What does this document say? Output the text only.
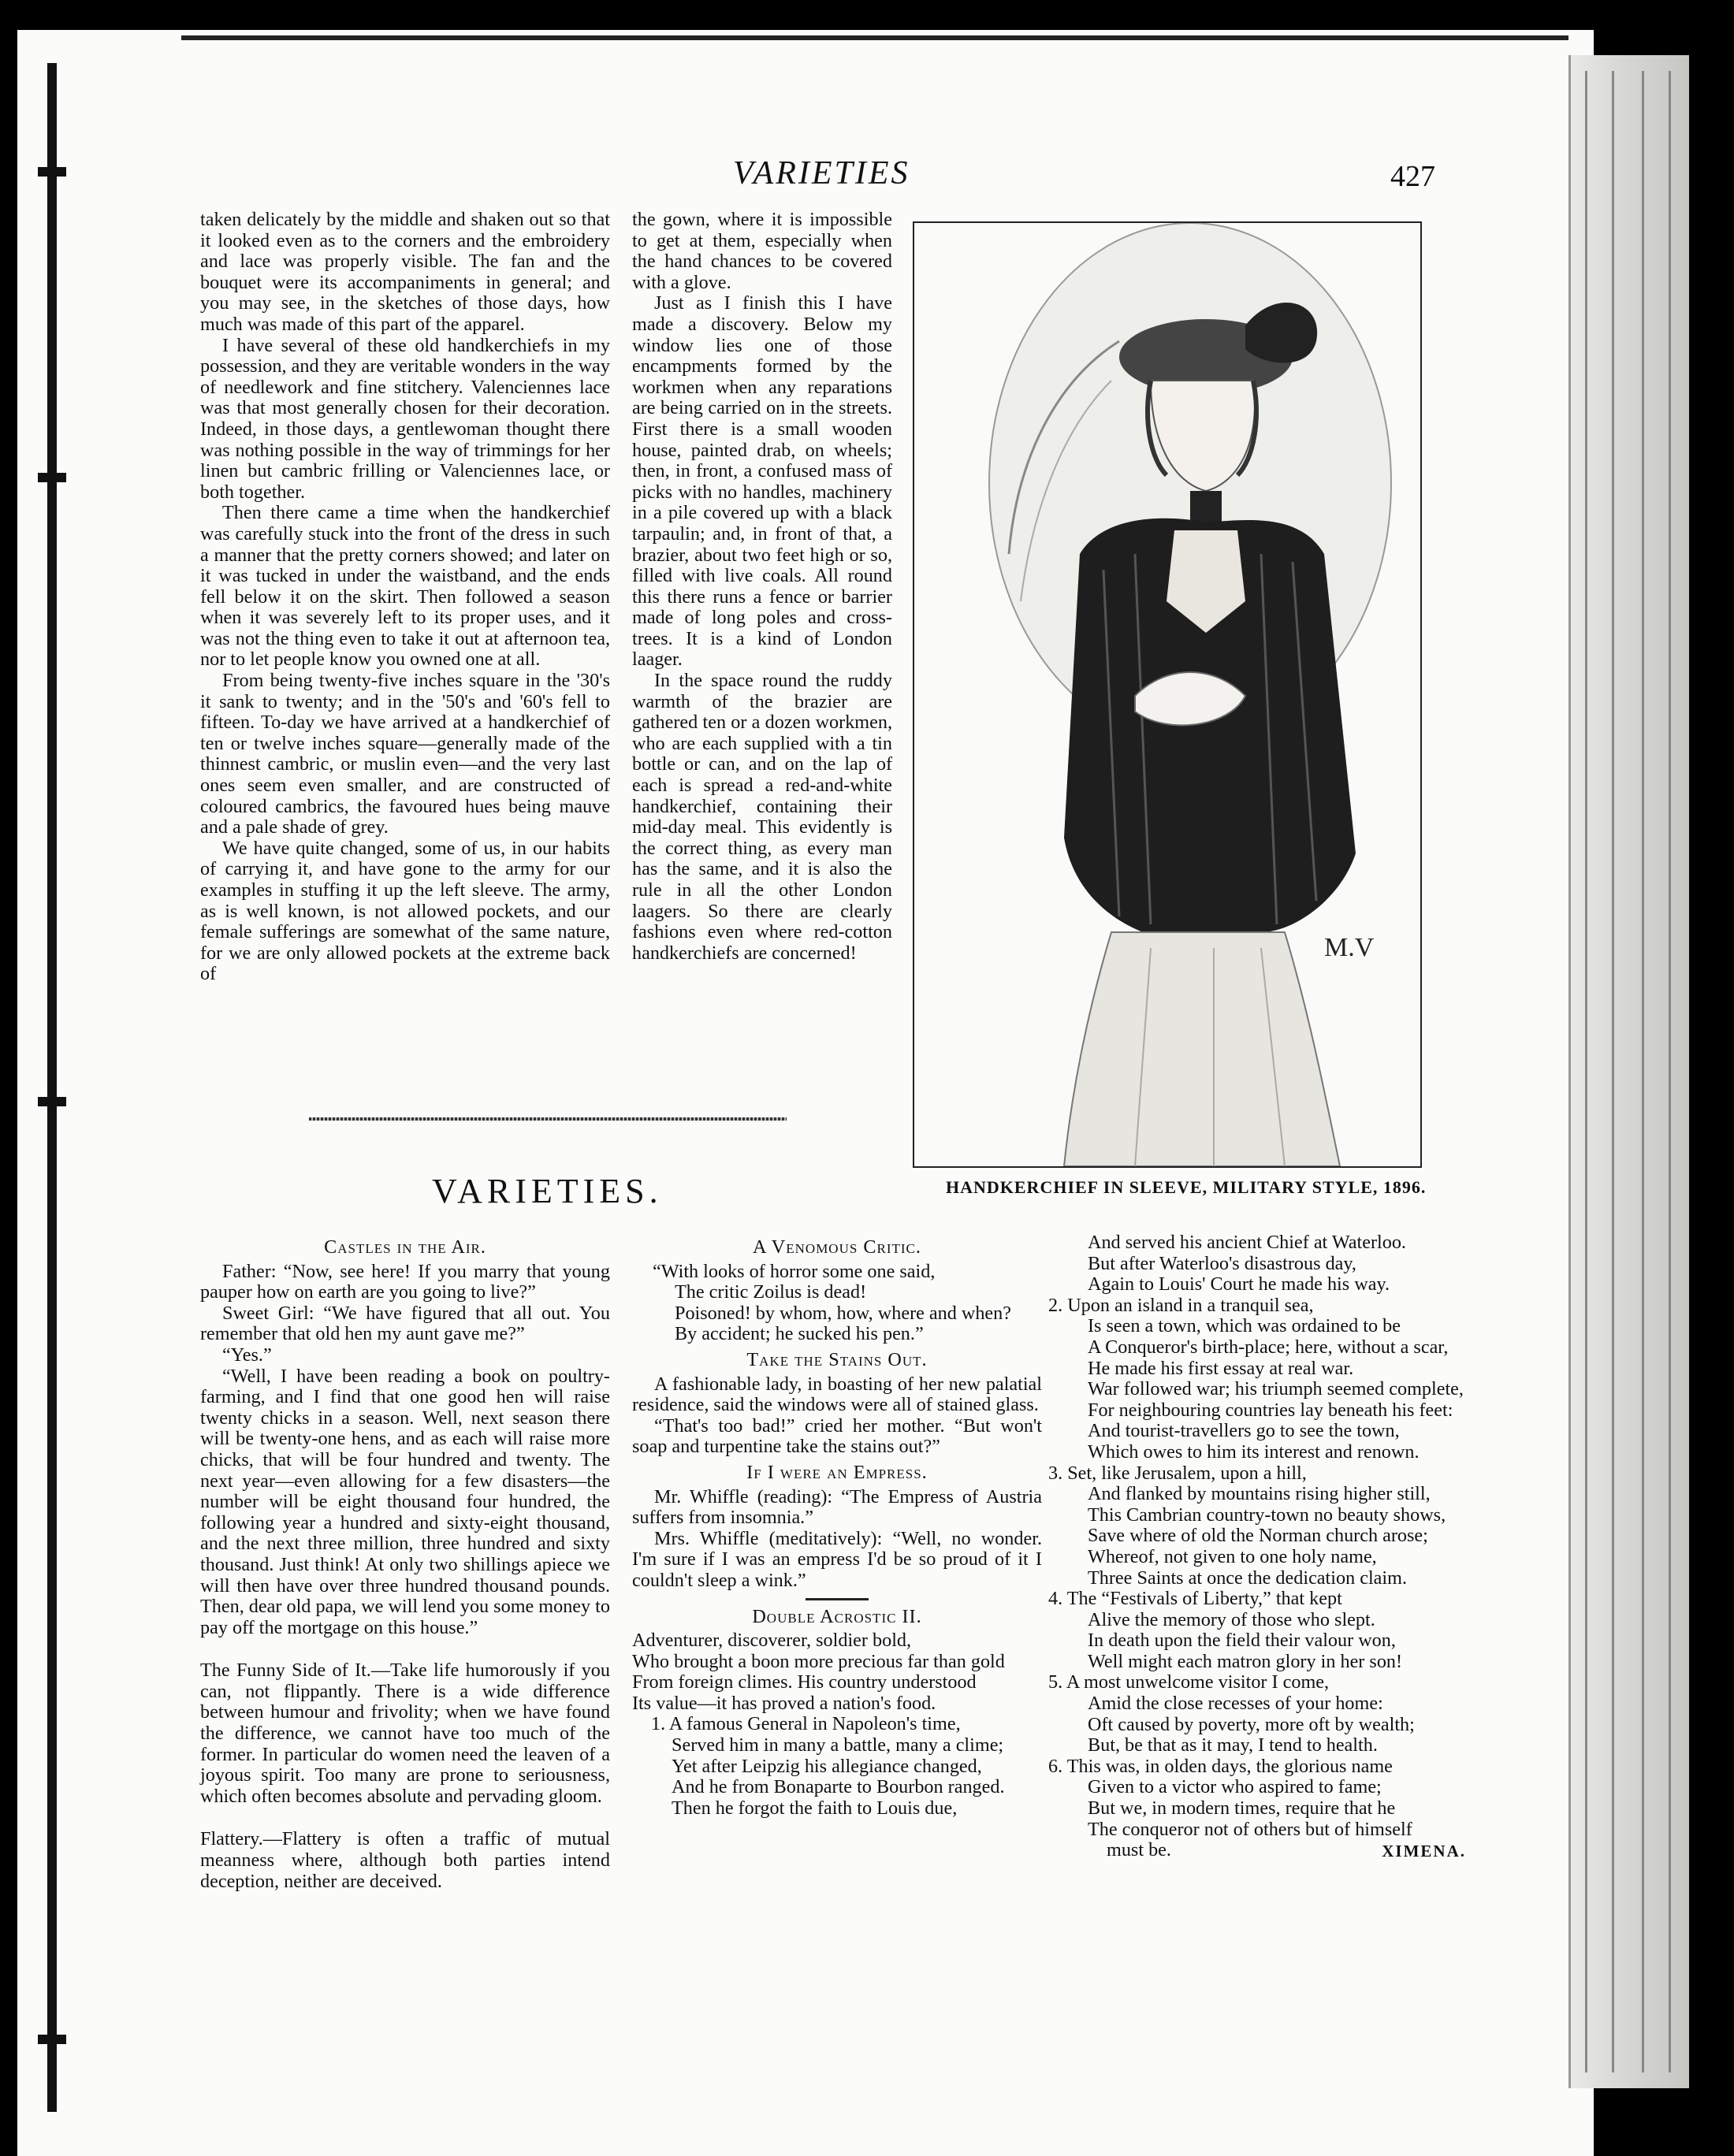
VARIETIES	427

taken delicately by the middle and shaken out so that it looked even as to the corners and the embroidery and lace was properly visible. The fan and the bouquet were its accompaniments in general; and you may see, in the sketches of those days, how much was made of this part of the apparel.

I have several of these old handkerchiefs in my possession, and they are veritable wonders in the way of needlework and fine stitchery. Valenciennes lace was that most generally chosen for their decoration. Indeed, in those days, a gentlewoman thought there was nothing possible in the way of trimmings for her linen but cambric frilling or Valenciennes lace, or both together.

Then there came a time when the handkerchief was carefully stuck into the front of the dress in such a manner that the pretty corners showed; and later on it was tucked in under the waistband, and the ends fell below it on the skirt. Then followed a season when it was severely left to its proper uses, and it was not the thing even to take it out at afternoon tea, nor to let people know you owned one at all.

From being twenty-five inches square in the '30's it sank to twenty; and in the '50's and '60's fell to fifteen. To-day we have arrived at a handkerchief of ten or twelve inches square—generally made of the thinnest cambric, or muslin even—and the very last ones seem even smaller, and are constructed of coloured cambrics, the favoured hues being mauve and a pale shade of grey.

We have quite changed, some of us, in our habits of carrying it, and have gone to the army for our examples in stuffing it up the left sleeve. The army, as is well known, is not allowed pockets, and our female sufferings are somewhat of the same nature, for we are only allowed pockets at the extreme back of

the gown, where it is impossible to get at them, especially when the hand chances to be covered with a glove.

Just as I finish this I have made a discovery. Below my window lies one of those encampments formed by the workmen when any reparations are being carried on in the streets. First there is a small wooden house, painted drab, on wheels; then, in front, a confused mass of picks with no handles, machinery in a pile covered up with a black tarpaulin; and, in front of that, a brazier, about two feet high or so, filled with live coals. All round this there runs a fence or barrier made of long poles and cross-trees. It is a kind of London laager.

In the space round the ruddy warmth of the brazier are gathered ten or a dozen workmen, who are each supplied with a tin bottle or can, and on the lap of each is spread a red-and-white handkerchief, containing their mid-day meal. This evidently is the correct thing, as every man has the same, and it is also the rule in all the other London laagers. So there are clearly fashions even where red-cotton handkerchiefs are concerned!	M.V
HANDKERCHIEF IN SLEEVE, MILITARY STYLE, 1896.
VARIETIES.
Castles in the Air.

Father: “Now, see here! If you marry that young pauper how on earth are you going to live?”

Sweet Girl: “We have figured that all out. You remember that old hen my aunt gave me?”

“Yes.”

“Well, I have been reading a book on poultry-farming, and I find that one good hen will raise twenty chicks in a season. Well, next season there will be twenty-one hens, and as each will raise more chicks, that will be four hundred and twenty. The next year—even allowing for a few disasters—the number will be eight thousand four hundred, the following year a hundred and sixty-eight thousand, and the next three million, three hundred and sixty thousand. Just think! At only two shillings apiece we will then have over three hundred thousand pounds. Then, dear old papa, we will lend you some money to pay off the mortgage on this house.”

The Funny Side of It.—Take life humorously if you can, not flippantly. There is a wide difference between humour and frivolity; when we have found the difference, we cannot have too much of the former. In particular do women need the leaven of a joyous spirit. Too many are prone to seriousness, which often becomes absolute and pervading gloom.

Flattery.—Flattery is often a traffic of mutual meanness where, although both parties intend deception, neither are deceived.

A Venomous Critic.

“With looks of horror some one said,

The critic Zoilus is dead!

Poisoned! by whom, how, where and when?

By accident; he sucked his pen.”

Take the Stains Out.

A fashionable lady, in boasting of her new palatial residence, said the windows were all of stained glass.

“That's too bad!” cried her mother. “But won't soap and turpentine take the stains out?”

If I were an Empress.

Mr. Whiffle (reading): “The Empress of Austria suffers from insomnia.”

Mrs. Whiffle (meditatively): “Well, no wonder. I'm sure if I was an empress I'd be so proud of it I couldn't sleep a wink.”

Double Acrostic II.

Adventurer, discoverer, soldier bold,

Who brought a boon more precious far than gold

From foreign climes. His country understood

Its value—it has proved a nation's food.

1. A famous General in Napoleon's time,

Served him in many a battle, many a clime;

Yet after Leipzig his allegiance changed,

And he from Bonaparte to Bourbon ranged.

Then he forgot the faith to Louis due,

And served his ancient Chief at Waterloo.

But after Waterloo's disastrous day,

Again to Louis' Court he made his way.

2. Upon an island in a tranquil sea,

Is seen a town, which was ordained to be

A Conqueror's birth-place; here, without a scar,

He made his first essay at real war.

War followed war; his triumph seemed complete,

For neighbouring countries lay beneath his feet:

And tourist-travellers go to see the town,

Which owes to him its interest and renown.

3. Set, like Jerusalem, upon a hill,

And flanked by mountains rising higher still,

This Cambrian country-town no beauty shows,

Save where of old the Norman church arose;

Whereof, not given to one holy name,

Three Saints at once the dedication claim.

4. The “Festivals of Liberty,” that kept

Alive the memory of those who slept.

In death upon the field their valour won,

Well might each matron glory in her son!

5. A most unwelcome visitor I come,

Amid the close recesses of your home:

Oft caused by poverty, more oft by wealth;

But, be that as it may, I tend to health.

6. This was, in olden days, the glorious name

Given to a victor who aspired to fame;

But we, in modern times, require that he

The conqueror not of others but of himself

must be.	XIMENA.
